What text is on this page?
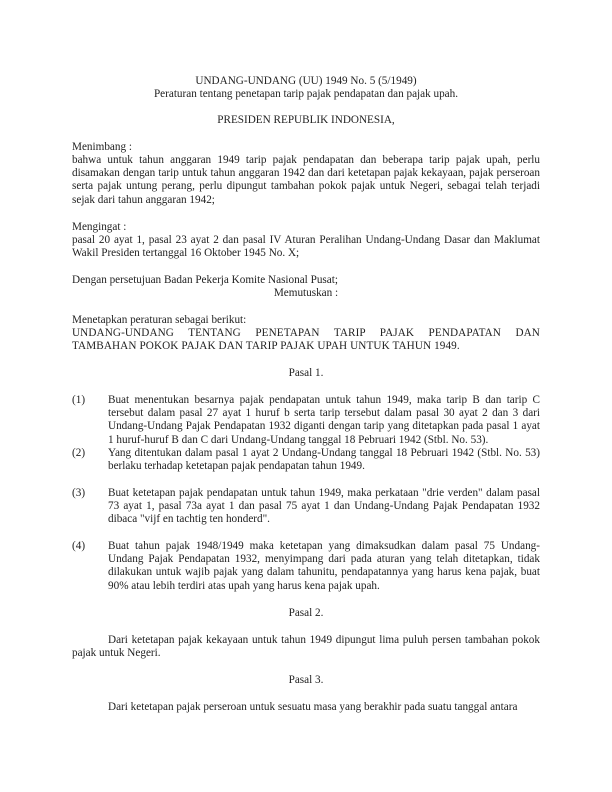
UNDANG-UNDANG (UU) 1949 No. 5 (5/1949)

Peraturan tentang penetapan tarip pajak pendapatan dan pajak upah.

PRESIDEN REPUBLIK INDONESIA,

Menimbang :

bahwa untuk tahun anggaran 1949 tarip pajak pendapatan dan beberapa tarip pajak upah, perlu disamakan dengan tarip untuk tahun anggaran 1942 dan dari ketetapan pajak kekayaan, pajak perseroan serta pajak untung perang, perlu dipungut tambahan pokok pajak untuk Negeri, sebagai telah terjadi sejak dari tahun anggaran 1942;

Mengingat :

pasal 20 ayat 1, pasal 23 ayat 2 dan pasal IV Aturan Peralihan Undang-Undang Dasar dan Maklumat Wakil Presiden tertanggal 16 Oktober 1945 No. X;

Dengan persetujuan Badan Pekerja Komite Nasional Pusat;

Memutuskan :

Menetapkan peraturan sebagai berikut:

UNDANG-UNDANG TENTANG PENETAPAN TARIP PAJAK PENDAPATAN DAN

TAMBAHAN POKOK PAJAK DAN TARIP PAJAK UPAH UNTUK TAHUN 1949.

Pasal 1.

(1) Buat menentukan besarnya pajak pendapatan untuk tahun 1949, maka tarip B dan tarip C tersebut dalam pasal 27 ayat 1 huruf b serta tarip tersebut dalam pasal 30 ayat 2 dan 3 dari Undang-Undang Pajak Pendapatan 1932 diganti dengan tarip yang ditetapkan pada pasal 1 ayat 1 huruf-huruf B dan C dari Undang-Undang tanggal 18 Pebruari 1942 (Stbl. No. 53).

(2) Yang ditentukan dalam pasal 1 ayat 2 Undang-Undang tanggal 18 Pebruari 1942 (Stbl. No. 53) berlaku terhadap ketetapan pajak pendapatan tahun 1949.

(3) Buat ketetapan pajak pendapatan untuk tahun 1949, maka perkataan "drie verden" dalam pasal 73 ayat 1, pasal 73a ayat 1 dan pasal 75 ayat 1 dan Undang-Undang Pajak Pendapatan 1932 dibaca "vijf en tachtig ten honderd".

(4) Buat tahun pajak 1948/1949 maka ketetapan yang dimaksudkan dalam pasal 75 Undang-Undang Pajak Pendapatan 1932, menyimpang dari pada aturan yang telah ditetapkan, tidak dilakukan untuk wajib pajak yang dalam tahunitu, pendapatannya yang harus kena pajak, buat 90% atau lebih terdiri atas upah yang harus kena pajak upah.

Pasal 2.

Dari ketetapan pajak kekayaan untuk tahun 1949 dipungut lima puluh persen tambahan pokok pajak untuk Negeri.

Pasal 3.

Dari ketetapan pajak perseroan untuk sesuatu masa yang berakhir pada suatu tanggal antara
